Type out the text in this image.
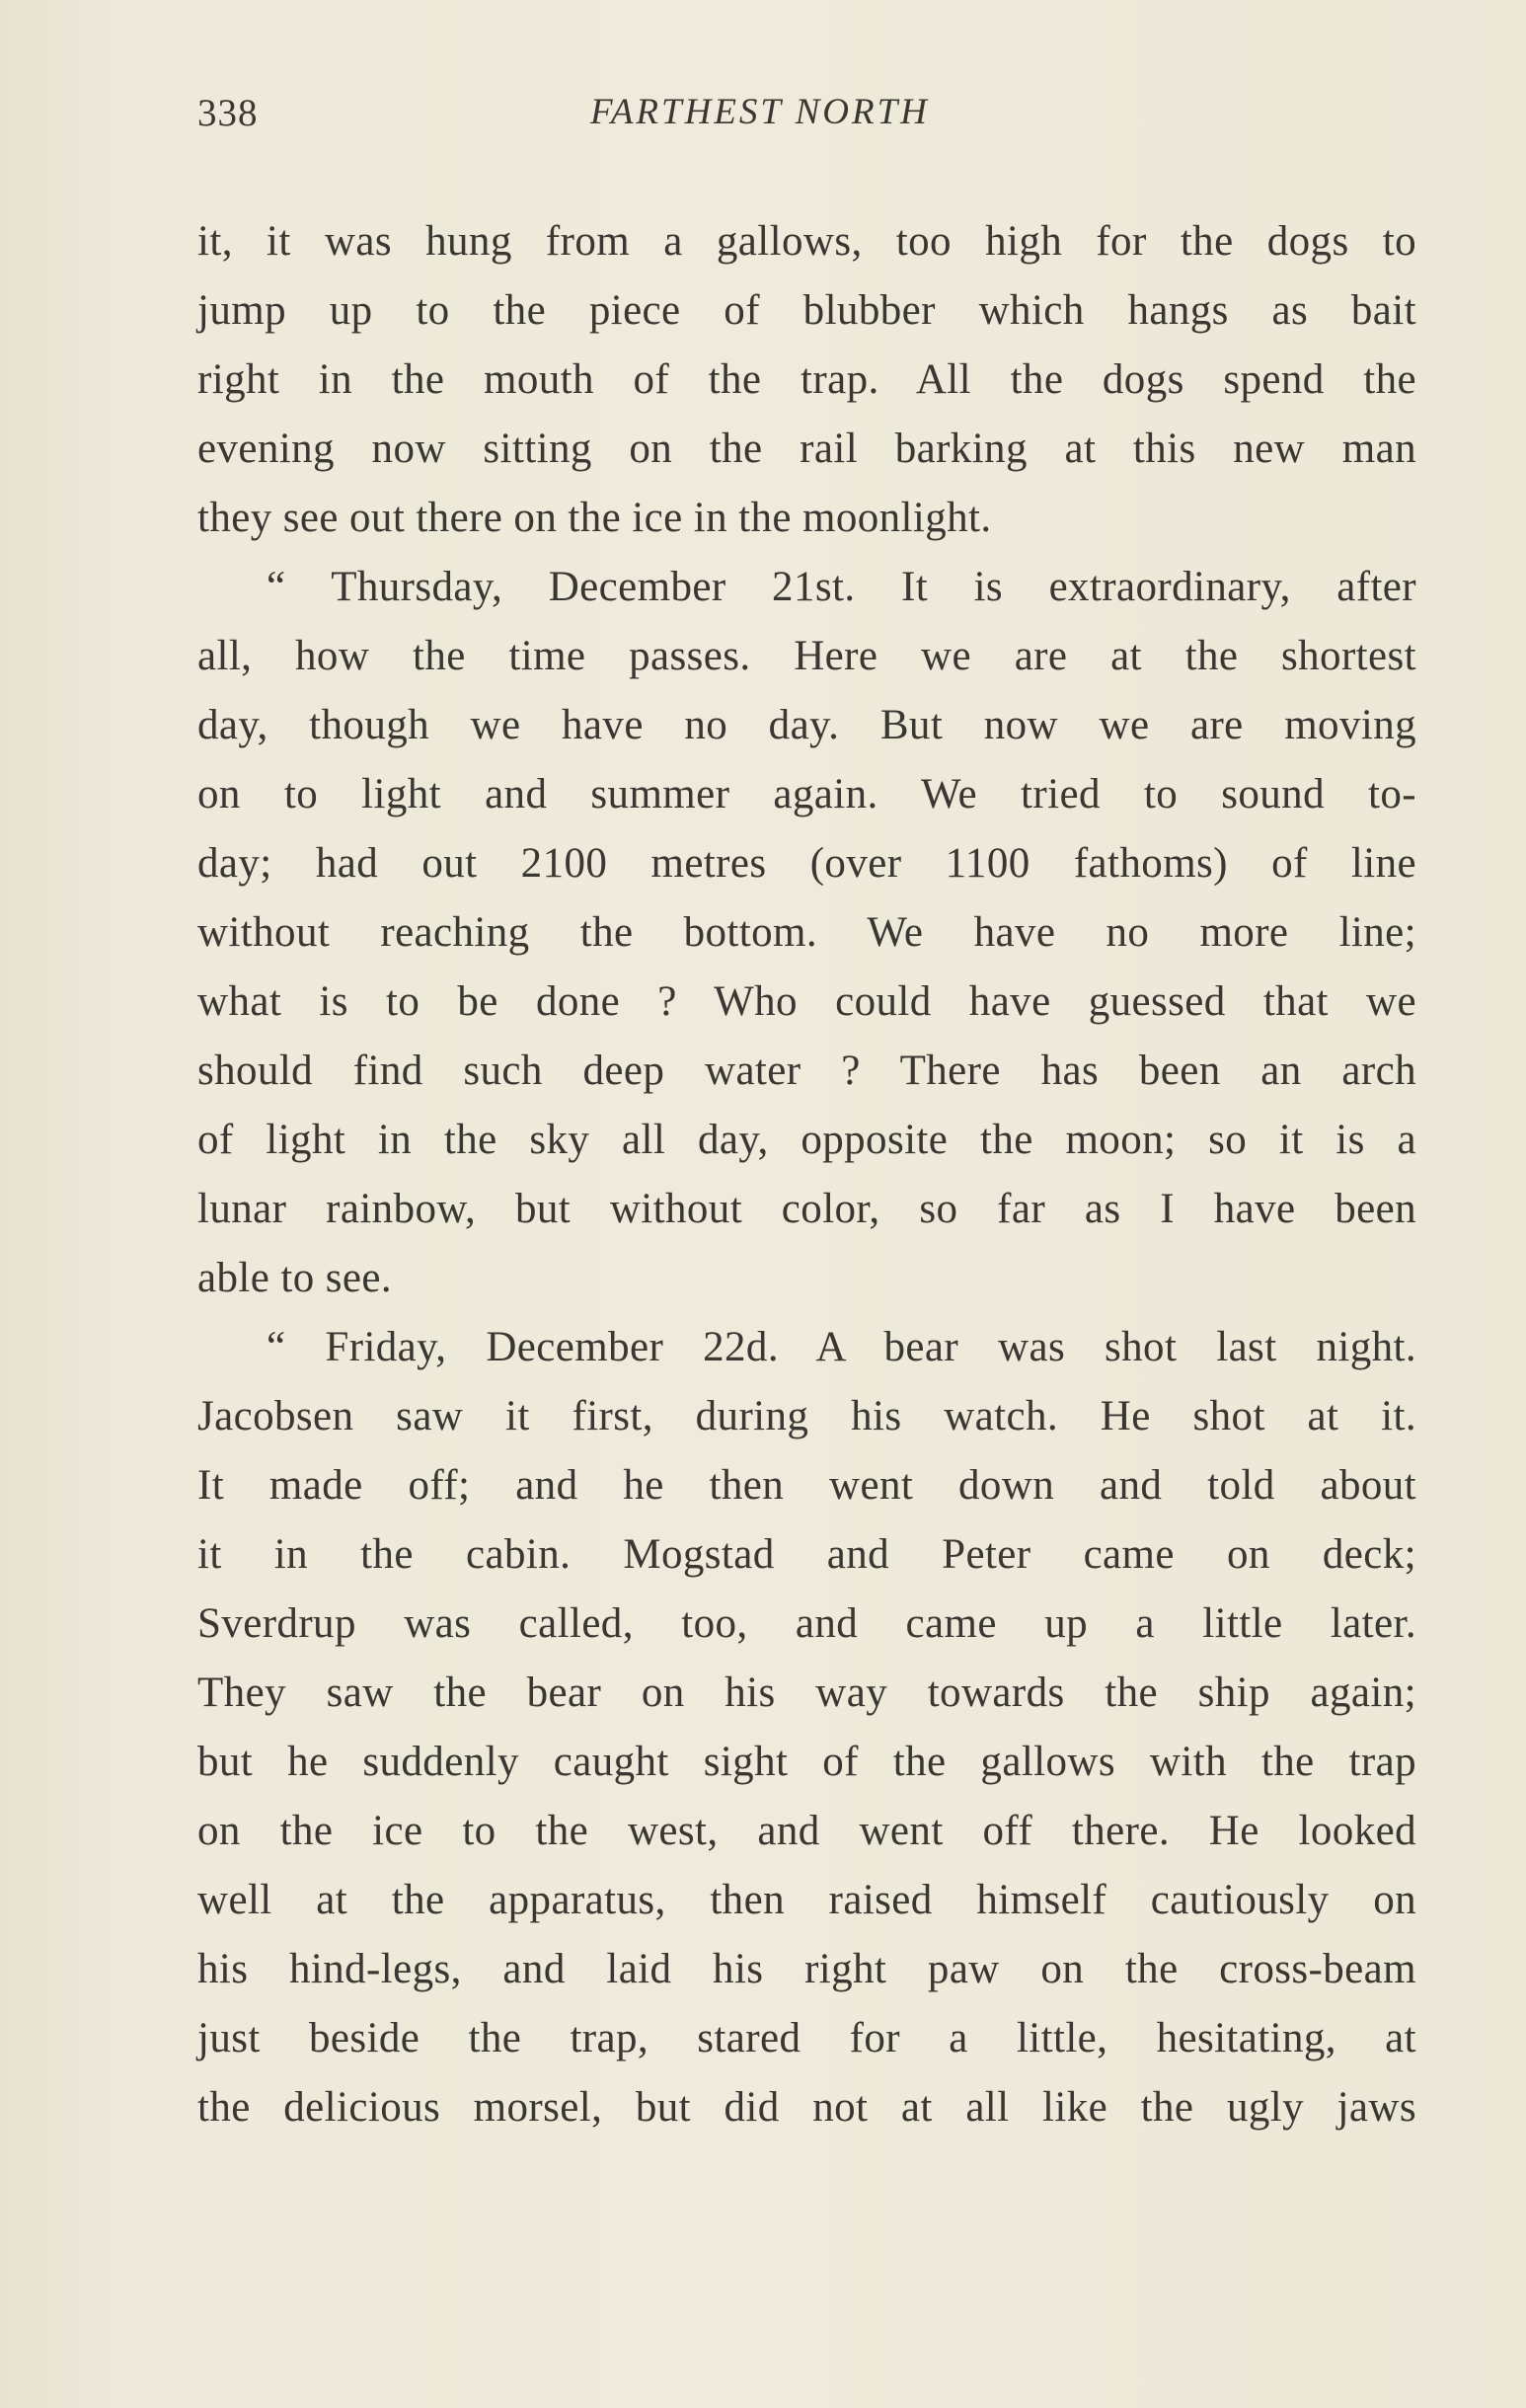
338	FARTHEST NORTH
it, it was hung from a gallows, too high for the dogs to
jump up to the piece of blubber which hangs as bait
right in the mouth of the trap. All the dogs spend the
evening now sitting on the rail barking at this new man
they see out there on the ice in the moonlight.
“ Thursday, December 21st. It is extraordinary, after
all, how the time passes. Here we are at the shortest
day, though we have no day. But now we are moving
on to light and summer again. We tried to sound to-
day; had out 2100 metres (over 1100 fathoms) of line
without reaching the bottom. We have no more line;
what is to be done ? Who could have guessed that we
should find such deep water ? There has been an arch
of light in the sky all day, opposite the moon; so it is a
lunar rainbow, but without color, so far as I have been
able to see.
“ Friday, December 22d. A bear was shot last night.
Jacobsen saw it first, during his watch. He shot at it.
It made off; and he then went down and told about
it in the cabin. Mogstad and Peter came on deck;
Sverdrup was called, too, and came up a little later.
They saw the bear on his way towards the ship again;
but he suddenly caught sight of the gallows with the trap
on the ice to the west, and went off there. He looked
well at the apparatus, then raised himself cautiously on
his hind-legs, and laid his right paw on the cross-beam
just beside the trap, stared for a little, hesitating, at
the delicious morsel, but did not at all like the ugly jaws
